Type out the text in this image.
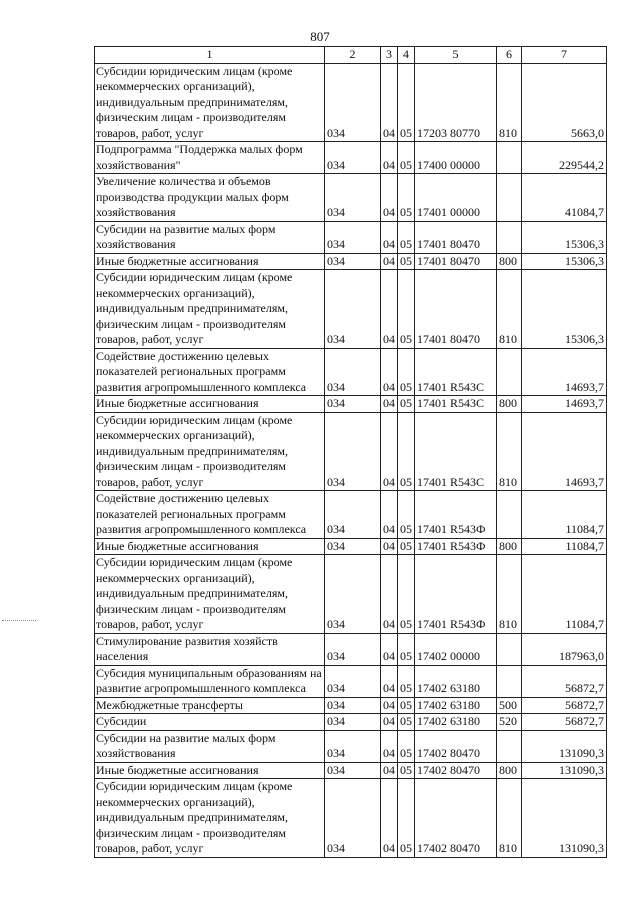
807
1	2	3	4	5	6	7
Субсидии юридическим лицам (кроме некоммерческих организаций), индивидуальным предпринимателям, физическим лицам - производителям товаров, работ, услуг	034	04	05	17203 80770	810	5663,0
Подпрограмма "Поддержка малых форм хозяйствования"	034	04	05	17400 00000		229544,2
Увеличение количества и объемов производства продукции малых форм хозяйствования	034	04	05	17401 00000		41084,7
Субсидии на развитие малых форм хозяйствования	034	04	05	17401 80470		15306,3
Иные бюджетные ассигнования	034	04	05	17401 80470	800	15306,3
Субсидии юридическим лицам (кроме некоммерческих организаций), индивидуальным предпринимателям, физическим лицам - производителям товаров, работ, услуг	034	04	05	17401 80470	810	15306,3
Содействие достижению целевых показателей региональных программ развития агропромышленного комплекса	034	04	05	17401 R543C		14693,7
Иные бюджетные ассигнования	034	04	05	17401 R543C	800	14693,7
Субсидии юридическим лицам (кроме некоммерческих организаций), индивидуальным предпринимателям, физическим лицам - производителям товаров, работ, услуг	034	04	05	17401 R543C	810	14693,7
Содействие достижению целевых показателей региональных программ развития агропромышленного комплекса	034	04	05	17401 R543Ф		11084,7
Иные бюджетные ассигнования	034	04	05	17401 R543Ф	800	11084,7
Субсидии юридическим лицам (кроме некоммерческих организаций), индивидуальным предпринимателям, физическим лицам - производителям товаров, работ, услуг	034	04	05	17401 R543Ф	810	11084,7
Стимулирование развития хозяйств населения	034	04	05	17402 00000		187963,0
Субсидия муниципальным образованиям на развитие агропромышленного комплекса	034	04	05	17402 63180		56872,7
Межбюджетные трансферты	034	04	05	17402 63180	500	56872,7
Субсидии	034	04	05	17402 63180	520	56872,7
Субсидии на развитие малых форм хозяйствования	034	04	05	17402 80470		131090,3
Иные бюджетные ассигнования	034	04	05	17402 80470	800	131090,3
Субсидии юридическим лицам (кроме некоммерческих организаций), индивидуальным предпринимателям, физическим лицам - производителям товаров, работ, услуг	034	04	05	17402 80470	810	131090,3
